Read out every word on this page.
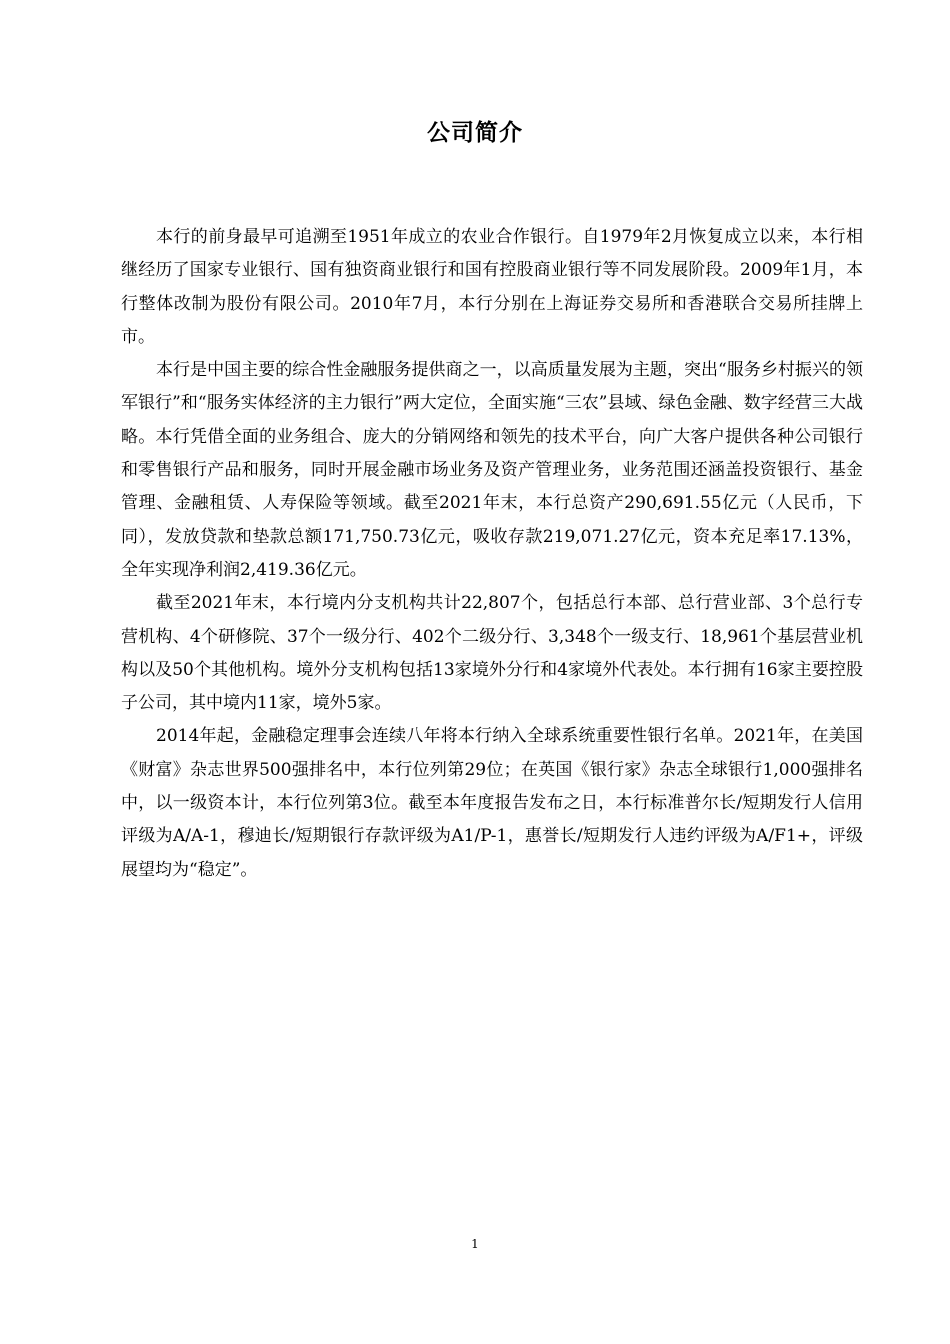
公司简介

本行的前身最早可追溯至1951年成立的农业合作银行。自1979年2月恢复成立以来，本行相继经历了国家专业银行、国有独资商业银行和国有控股商业银行等不同发展阶段。2009年1月，本行整体改制为股份有限公司。2010年7月，本行分别在上海证券交易所和香港联合交易所挂牌上市。

本行是中国主要的综合性金融服务提供商之一，以高质量发展为主题，突出“服务乡村振兴的领军银行”和“服务实体经济的主力银行”两大定位，全面实施“三农”县域、绿色金融、数字经营三大战略。本行凭借全面的业务组合、庞大的分销网络和领先的技术平台，向广大客户提供各种公司银行和零售银行产品和服务，同时开展金融市场业务及资产管理业务，业务范围还涵盖投资银行、基金管理、金融租赁、人寿保险等领域。截至2021年末，本行总资产290,691.55亿元（人民币，下同），发放贷款和垫款总额171,750.73亿元，吸收存款219,071.27亿元，资本充足率17.13%，全年实现净利润2,419.36亿元。

截至2021年末，本行境内分支机构共计22,807个，包括总行本部、总行营业部、3个总行专营机构、4个研修院、37个一级分行、402个二级分行、3,348个一级支行、18,961个基层营业机构以及50个其他机构。境外分支机构包括13家境外分行和4家境外代表处。本行拥有16家主要控股子公司，其中境内11家，境外5家。

2014年起，金融稳定理事会连续八年将本行纳入全球系统重要性银行名单。2021年，在美国《财富》杂志世界500强排名中，本行位列第29位；在英国《银行家》杂志全球银行1,000强排名中，以一级资本计，本行位列第3位。截至本年度报告发布之日，本行标准普尔长/短期发行人信用评级为A/A-1，穆迪长/短期银行存款评级为A1/P-1，惠誉长/短期发行人违约评级为A/F1+，评级展望均为“稳定”。

1
